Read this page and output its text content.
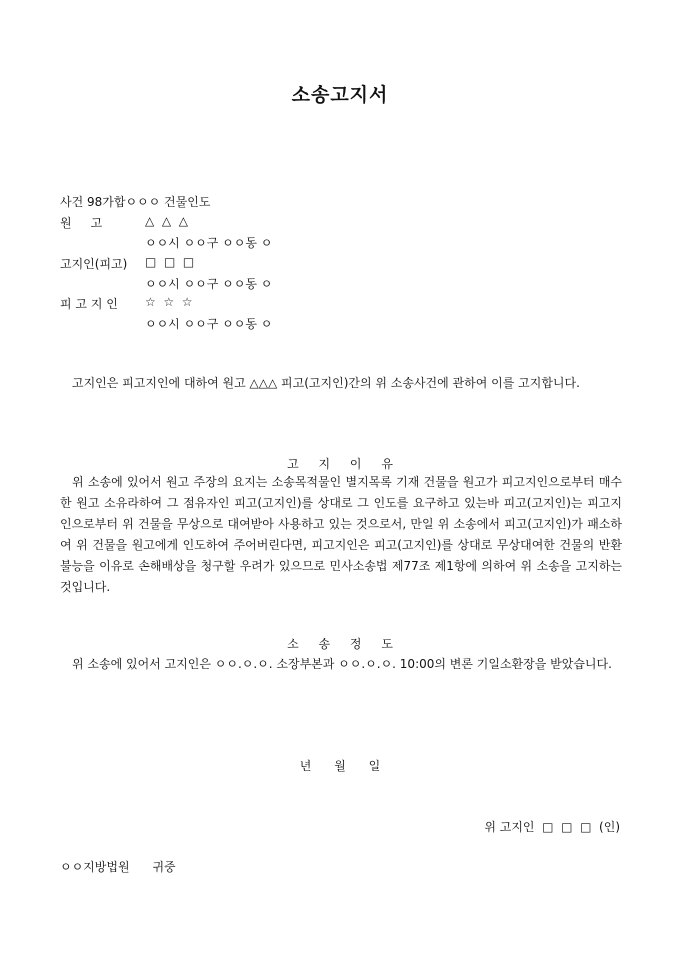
소송고지서
사건 98가합ㅇㅇㅇ 건물인도
원     고	△  △  △
ㅇㅇ시 ㅇㅇ구 ㅇㅇ동 ㅇ
고지인(피고) □  □  □
ㅇㅇ시 ㅇㅇ구 ㅇㅇ동 ㅇ
피 고 지 인 ☆  ☆  ☆
ㅇㅇ시 ㅇㅇ구 ㅇㅇ동 ㅇ
고지인은 피고지인에 대하여 원고 △△△ 피고(고지인)간의 위 소송사건에 관하여 이를 고지합니다.
고 지 이 유
위 소송에 있어서 원고 주장의 요지는 소송목적물인 별지목록 기재 건물을 원고가 피고지인으로부터 매수한 원고 소유라하여 그 점유자인 피고(고지인)를 상대로 그 인도를 요구하고 있는바 피고(고지인)는 피고지인으로부터 위 건물을 무상으로 대여받아 사용하고 있는 것으로서, 만일 위 소송에서 피고(고지인)가 패소하여 위 건물을 원고에게 인도하여 주어버린다면, 피고지인은 피고(고지인)를 상대로 무상대여한 건물의 반환불능을 이유로 손해배상을 청구할 우려가 있으므로 민사소송법 제77조 제1항에 의하여 위 소송을 고지하는 것입니다.
소 송 정 도
위 소송에 있어서 고지인은 ㅇㅇ.ㅇ.ㅇ. 소장부본과 ㅇㅇ.ㅇ.ㅇ. 10:00의 변론 기일소환장을 받았습니다.
년      월      일
위 고지인  □  □  □  (인)
ㅇㅇ지방법원      귀중
